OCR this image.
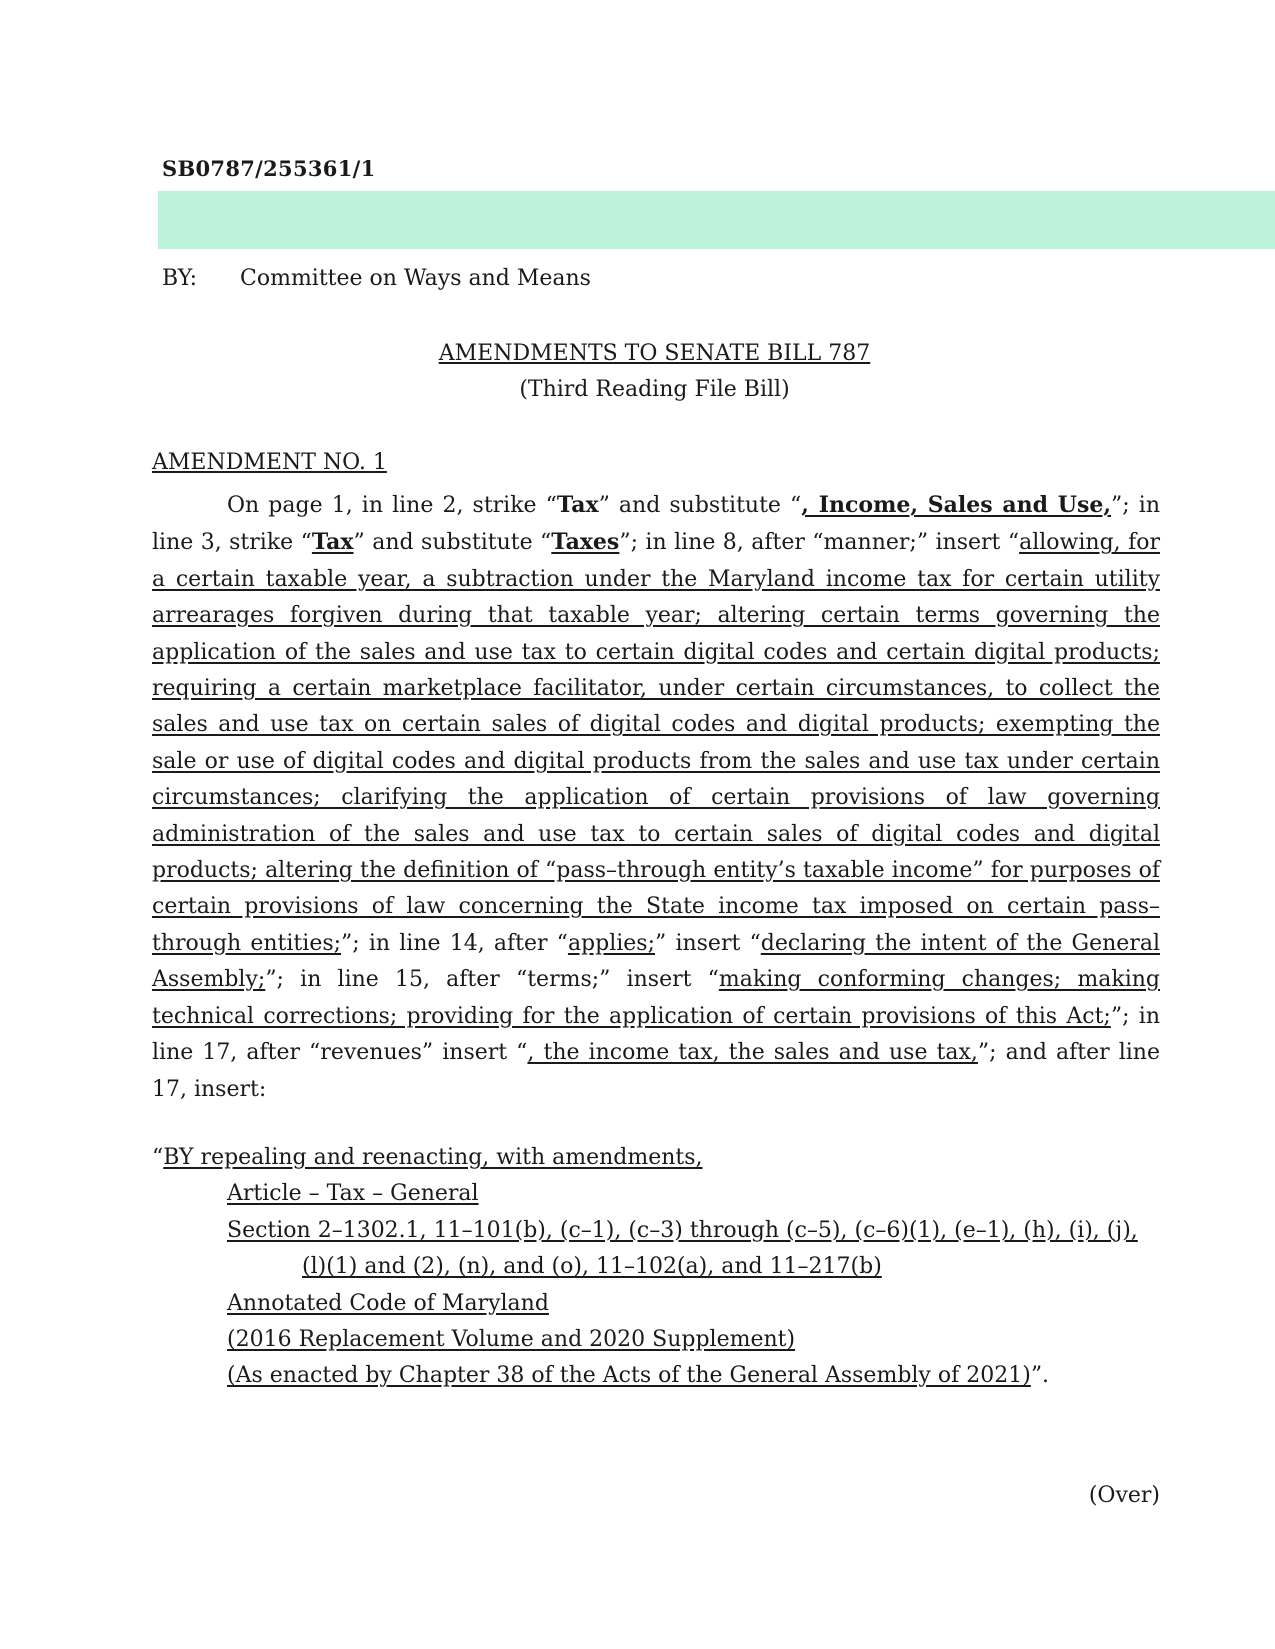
SB0787/255361/1
BY:	Committee on Ways and Means
AMENDMENTS TO SENATE BILL 787
(Third Reading File Bill)
AMENDMENT NO. 1

On page 1, in line 2, strike “Tax” and substitute “, Income, Sales and Use,”; in line 3, strike “Tax” and substitute “Taxes”; in line 8, after “manner;” insert “allowing, for a certain taxable year, a subtraction under the Maryland income tax for certain utility arrearages forgiven during that taxable year; altering certain terms governing the application of the sales and use tax to certain digital codes and certain digital products; requiring a certain marketplace facilitator, under certain circumstances, to collect the sales and use tax on certain sales of digital codes and digital products; exempting the sale or use of digital codes and digital products from the sales and use tax under certain circumstances; clarifying the application of certain provisions of law governing administration of the sales and use tax to certain sales of digital codes and digital products; altering the definition of “pass–through entity’s taxable income” for purposes of certain provisions of law concerning the State income tax imposed on certain pass–through entities;”; in line 14, after “applies;” insert “declaring the intent of the General Assembly;”; in line 15, after “terms;” insert “making conforming changes; making technical corrections; providing for the application of certain provisions of this Act;”; in line 17, after “revenues” insert “, the income tax, the sales and use tax,”; and after line 17, insert:

“BY repealing and reenacting, with amendments,
Article – Tax – General
Section 2–1302.1, 11–101(b), (c–1), (c–3) through (c–5), (c–6)(1), (e–1), (h), (i), (j),
(l)(1) and (2), (n), and (o), 11–102(a), and 11–217(b)
Annotated Code of Maryland
(2016 Replacement Volume and 2020 Supplement)
(As enacted by Chapter 38 of the Acts of the General Assembly of 2021)”.
(Over)
